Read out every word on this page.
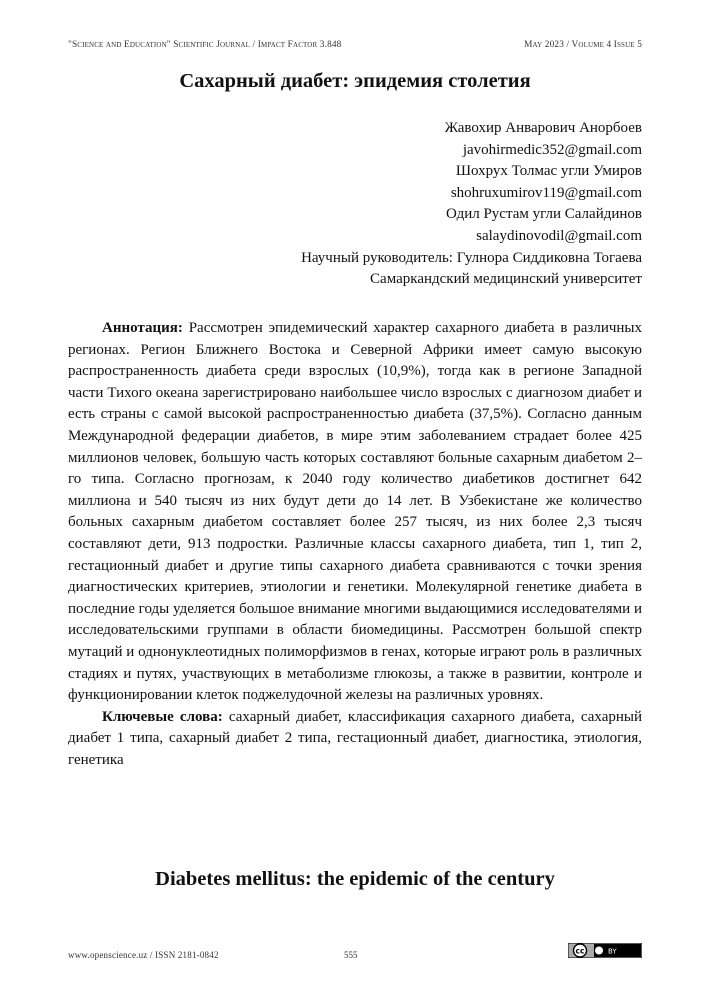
"Science and Education" Scientific Journal / Impact Factor 3.848	May 2023 / Volume 4 Issue 5
Сахарный диабет: эпидемия столетия
Жавохир Анварович Анорбоев
javohirmedic352@gmail.com
Шохрух Толмас угли Умиров
shohruxumirov119@gmail.com
Одил Рустам угли Салайдинов
salaydinovodil@gmail.com
Научный руководитель: Гулнора Сиддиковна Тогаева
Самаркандский медицинский университет

Аннотация: Рассмотрен эпидемический характер сахарного диабета в различных регионах. Регион Ближнего Востока и Северной Африки имеет самую высокую распространенность диабета среди взрослых (10,9%), тогда как в регионе Западной части Тихого океана зарегистрировано наибольшее число взрослых с диагнозом диабет и есть страны с самой высокой распространенностью диабета (37,5%). Согласно данным Международной федерации диабетов, в мире этим заболеванием страдает более 425 миллионов человек, большую часть которых составляют больные сахарным диабетом 2–го типа. Согласно прогнозам, к 2040 году количество диабетиков достигнет 642 миллиона и 540 тысяч из них будут дети до 14 лет. В Узбекистане же количество больных сахарным диабетом составляет более 257 тысяч, из них более 2,3 тысяч составляют дети, 913 подростки. Различные классы сахарного диабета, тип 1, тип 2, гестационный диабет и другие типы сахарного диабета сравниваются с точки зрения диагностических критериев, этиологии и генетики. Молекулярной генетике диабета в последние годы уделяется большое внимание многими выдающимися исследователями и исследовательскими группами в области биомедицины. Рассмотрен большой спектр мутаций и однонуклеотидных полиморфизмов в генах, которые играют роль в различных стадиях и путях, участвующих в метаболизме глюкозы, а также в развитии, контроле и функционировании клеток поджелудочной железы на различных уровнях.

Ключевые слова: сахарный диабет, классификация сахарного диабета, сахарный диабет 1 типа, сахарный диабет 2 типа, гестационный диабет, диагностика, этиология, генетика

Diabetes mellitus: the epidemic of the century
www.openscience.uz / ISSN 2181-0842	555	cc	BY
